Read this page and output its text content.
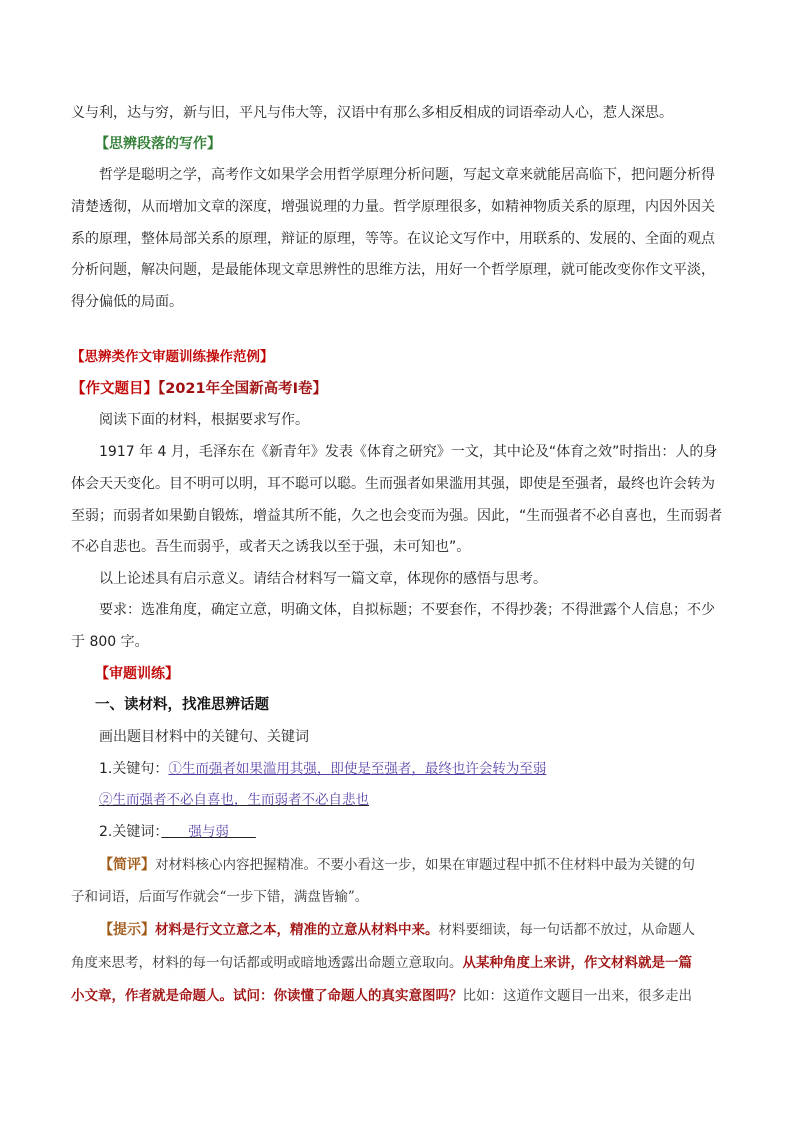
义与利，达与穷，新与旧，平凡与伟大等，汉语中有那么多相反相成的词语牵动人心，惹人深思。
【思辨段落的写作】
哲学是聪明之学，高考作文如果学会用哲学原理分析问题，写起文章来就能居高临下，把问题分析得
清楚透彻，从而增加文章的深度，增强说理的力量。哲学原理很多，如精神物质关系的原理，内因外因关
系的原理，整体局部关系的原理，辩证的原理，等等。在议论文写作中，用联系的、发展的、全面的观点
分析问题，解决问题，是最能体现文章思辨性的思维方法，用好一个哲学原理，就可能改变你作文平淡，
得分偏低的局面。
【思辨类作文审题训练操作范例】
【作文题目】【2021年全国新高考Ⅰ卷】
阅读下面的材料，根据要求写作。
1917 年 4 月，毛泽东在《新青年》发表《体育之研究》一文，其中论及“体育之效”时指出：人的身
体会天天变化。目不明可以明，耳不聪可以聪。生而强者如果滥用其强，即使是至强者，最终也许会转为
至弱；而弱者如果勤自锻炼，增益其所不能，久之也会变而为强。因此，“生而强者不必自喜也，生而弱者
不必自悲也。吾生而弱乎，或者天之诱我以至于强，未可知也”。
以上论述具有启示意义。请结合材料写一篇文章，体现你的感悟与思考。
要求：选准角度，确定立意，明确文体，自拟标题；不要套作，不得抄袭；不得泄露个人信息；不少
于 800 字。
【审题训练】
一、读材料，找准思辨话题
画出题目材料中的关键句、关键词
1.关键句：①生而强者如果滥用其强，即使是至强者，最终也许会转为至弱
②生而强者不必自喜也，生而弱者不必自悲也
2.关键词：　　强与弱　　
【简评】对材料核心内容把握精准。不要小看这一步，如果在审题过程中抓不住材料中最为关键的句
子和词语，后面写作就会“一步下错，满盘皆输”。
【提示】材料是行文立意之本，精准的立意从材料中来。材料要细读，每一句话都不放过，从命题人
角度来思考，材料的每一句话都或明或暗地透露出命题立意取向。从某种角度上来讲，作文材料就是一篇
小文章，作者就是命题人。试问：你读懂了命题人的真实意图吗？比如：这道作文题目一出来，很多走出
